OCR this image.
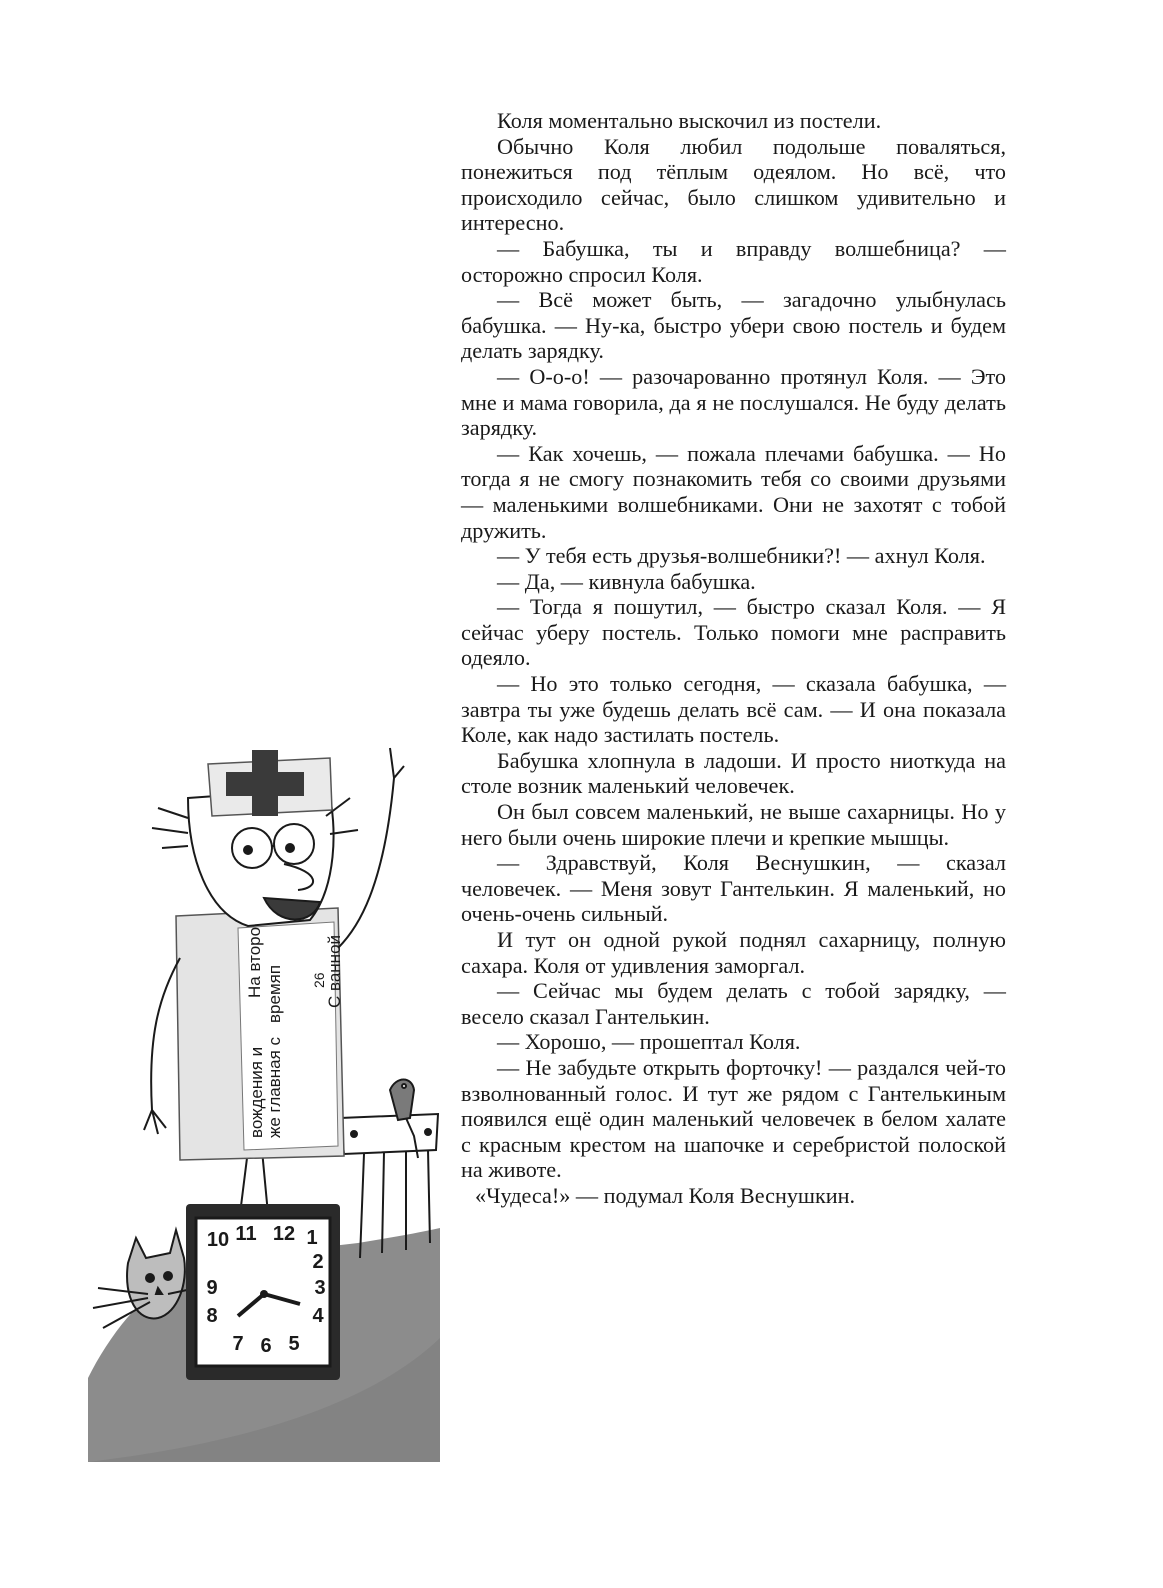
Коля моментально выскочил из постели.

Обычно Коля любил подольше поваляться, понежиться под тёплым одеялом. Но всё, что происходило сейчас, было слишком удивительно и интересно.

— Бабушка, ты и вправду волшебница? — осторожно спросил Коля.

— Всё может быть, — загадочно улыбнулась бабушка. — Ну-ка, быстро убери свою постель и будем делать зарядку.

— О-о-о! — разочарованно протянул Коля. — Это мне и мама говорила, да я не послушался. Не буду делать зарядку.

— Как хочешь, — пожала плечами бабушка. — Но тогда я не смогу познакомить тебя со своими друзьями — маленькими волшебниками. Они не захотят с тобой дружить.

— У тебя есть друзья-волшебники?! — ахнул Коля.

— Да, — кивнула бабушка.

— Тогда я пошутил, — быстро сказал Коля. — Я сейчас уберу постель. Только помоги мне расправить одеяло.

— Но это только сегодня, — сказала бабушка, — завтра ты уже будешь делать всё сам. — И она показала Коле, как надо застилать постель.

Бабушка хлопнула в ладоши. И просто ниоткуда на столе возник маленький человечек.

Он был совсем маленький, не выше сахарницы. Но у него были очень широкие плечи и крепкие мышцы.

— Здравствуй, Коля Веснушкин, — сказал человечек. — Меня зовут Гантелькин. Я маленький, но очень-очень сильный.

И тут он одной рукой поднял сахарницу, полную сахара. Коля от удивления заморгал.

— Сейчас мы будем делать с тобой зарядку, — весело сказал Гантелькин.

— Хорошо, — прошептал Коля.

— Не забудьте открыть форточку! — раздался чей-то взволнованный голос. И тут же рядом с Гантелькиным появился ещё один маленький человечек в белом халате с красным крестом на шапочке и серебристой полоской на животе.

«Чудеса!» — подумал Коля Веснушкин.

26
С ванной
На второ времяп
вождения и же главная с
10 11 12 1
2
9	3
8	4
7 6 5
